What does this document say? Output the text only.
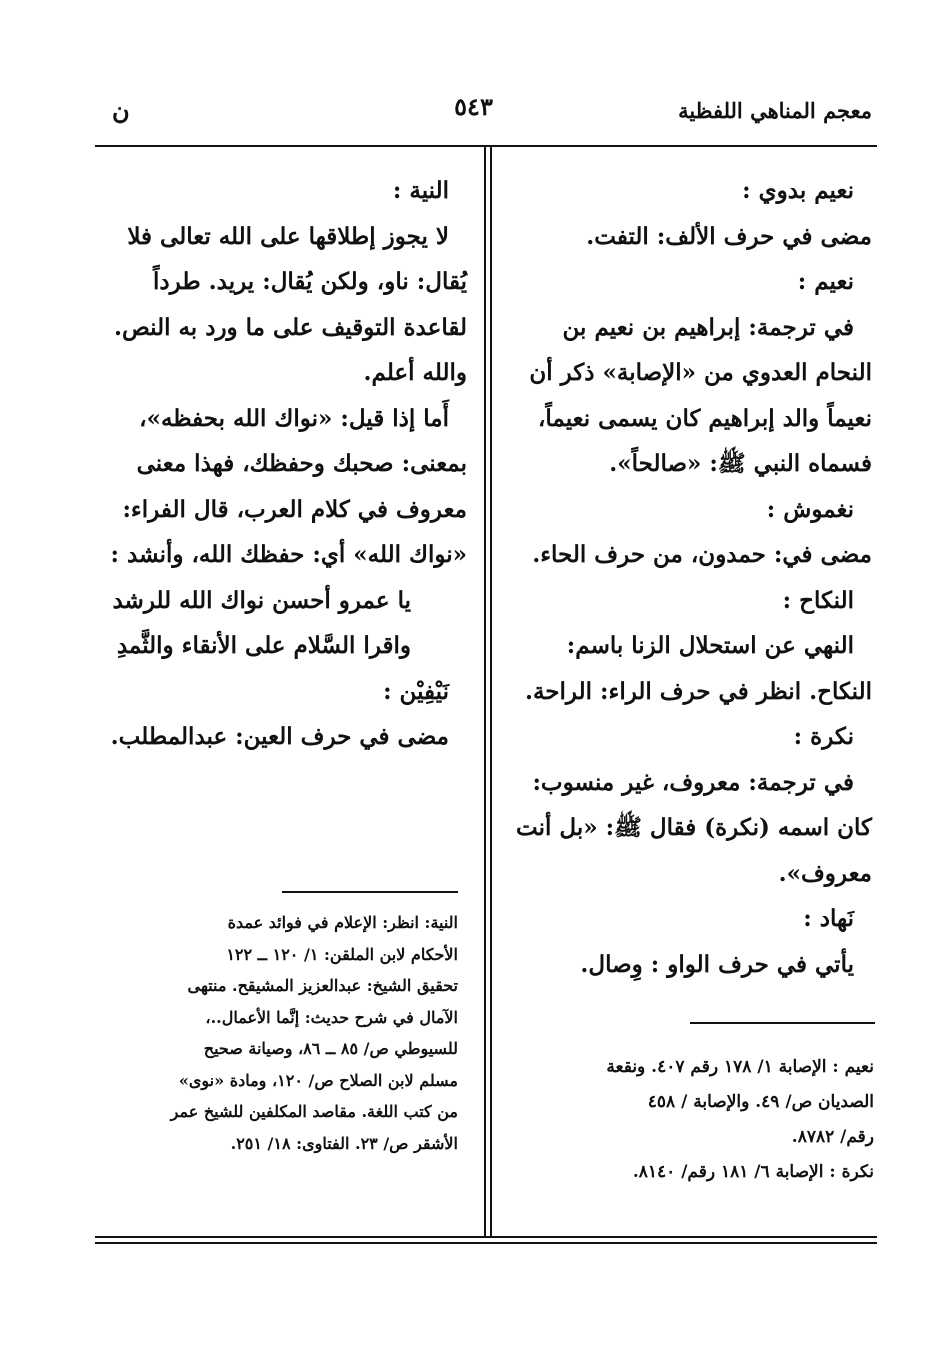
معجم المناهي اللفظية
٥٤٣
ن
نعيم بدوي :
مضى في حرف الألف: التفت.
نعيم :
في ترجمة: إبراهيم بن نعيم بن
النحام العدوي من «الإصابة» ذكر أن
نعيماً والد إبراهيم كان يسمى نعيماً،
فسماه النبي ﷺ: «صالحاً».
نغموش :
مضى في: حمدون، من حرف الحاء.
النكاح :
النهي عن استحلال الزنا باسم:
النكاح. انظر في حرف الراء: الراحة.
نكرة :
في ترجمة: معروف، غير منسوب:
كان اسمه (نكرة) فقال ﷺ: «بل أنت
معروف».
نَهاد :
يأتي في حرف الواو : وِصال.
النية :
لا يجوز إطلاقها على الله تعالى فلا
يُقال: ناو، ولكن يُقال: يريد. طرداً
لقاعدة التوقيف على ما ورد به النص.
والله أعلم.
أَما إذا قيل: «نواك الله بحفظه»،
بمعنى: صحبك وحفظك، فهذا معنى
معروف في كلام العرب، قال الفراء:
«نواك الله» أي: حفظك الله، وأنشد :
يا عمرو أحسن نواك الله للرشد
واقرا السَّلام على الأنقاء والثَّمدِ
نَيْفِيْن :
مضى في حرف العين: عبدالمطلب.
نعيم : الإصابة ١/ ١٧٨ رقم ٤٠٧. ونقعة
الصديان ص/ ٤٩. والإصابة / ٤٥٨
رقم/ ٨٧٨٢.
نكرة : الإصابة ٦/ ١٨١ رقم/ ٨١٤٠.
النية: انظر: الإعلام في فوائد عمدة
الأحكام لابن الملقن: ١/ ١٢٠ ــ ١٢٢
تحقيق الشيخ: عبدالعزيز المشيقح. منتهى
الآمال في شرح حديث: إنَّما الأعمال..،
للسيوطي ص/ ٨٥ ــ ٨٦، وصيانة صحيح
مسلم لابن الصلاح ص/ ١٢٠، ومادة «نوى»
من كتب اللغة. مقاصد المكلفين للشيخ عمر
الأشقر ص/ ٢٣. الفتاوى: ١٨/ ٢٥١.
